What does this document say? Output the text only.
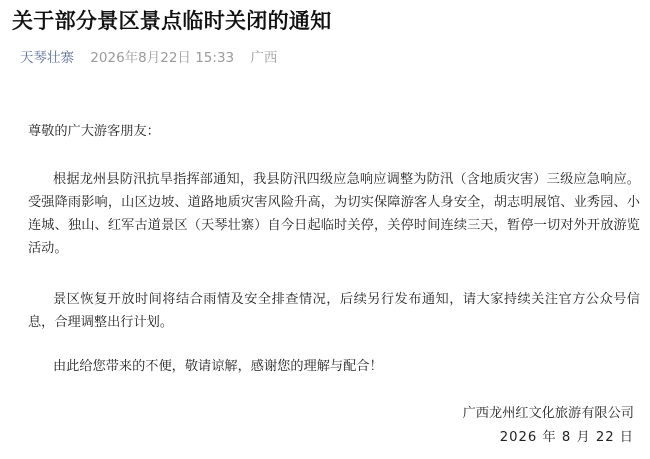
关于部分景区景点临时关闭的通知
天琴壮寨 2026年8月22日 15:33 广西

尊敬的广大游客朋友：

根据龙州县防汛抗旱指挥部通知，我县防汛四级应急响应调整为防汛（含地质灾害）三级应急响应。受强降雨影响，山区边坡、道路地质灾害风险升高，为切实保障游客人身安全，胡志明展馆、业秀园、小连城、独山、红军古道景区（天琴壮寨）自今日起临时关停，关停时间连续三天，暂停一切对外开放游览活动。

景区恢复开放时间将结合雨情及安全排查情况，后续另行发布通知，请大家持续关注官方公众号信息，合理调整出行计划。

由此给您带来的不便，敬请谅解，感谢您的理解与配合！

广西龙州红文化旅游有限公司
2026 年 8 月 22 日
